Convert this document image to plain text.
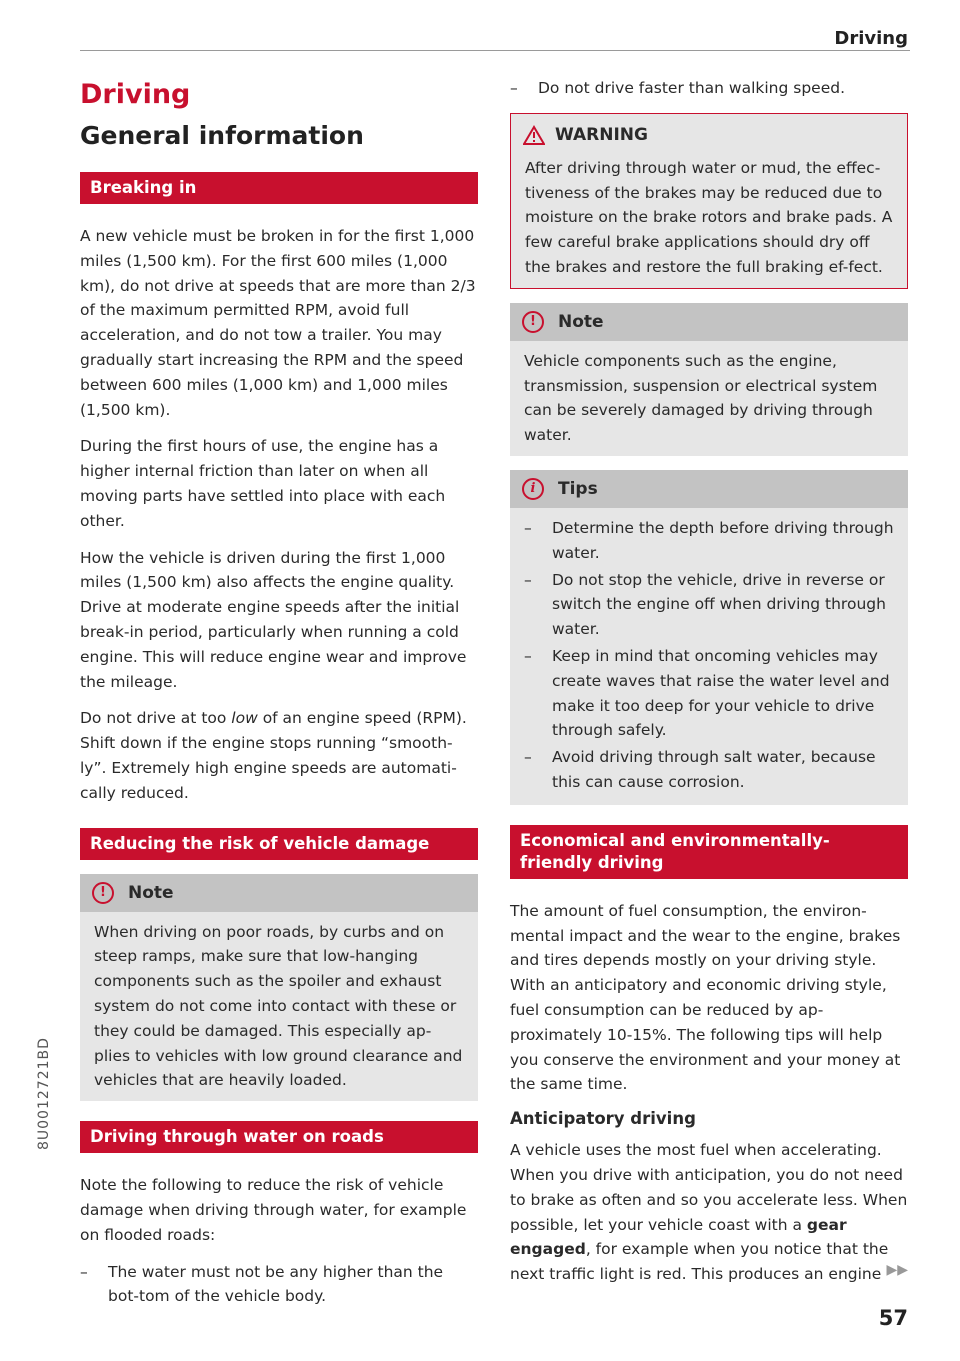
Driving
Driving
General information
Breaking in

A new vehicle must be broken in for the first 1,000 miles (1,500 km). For the first 600 miles (1,000 km), do not drive at speeds that are more than 2/3 of the maximum permitted RPM, avoid full acceleration, and do not tow a trailer. You may gradually start increasing the RPM and the speed between 600 miles (1,000 km) and 1,000 miles (1,500 km).

During the first hours of use, the engine has a higher internal friction than later on when all moving parts have settled into place with each other.

How the vehicle is driven during the first 1,000 miles (1,500 km) also affects the engine quality. Drive at moderate engine speeds after the initial break-in period, particularly when running a cold engine. This will reduce engine wear and improve the mileage.

Do not drive at too low of an engine speed (RPM). Shift down if the engine stops running “smooth-ly”. Extremely high engine speeds are automati-cally reduced.

Reducing the risk of vehicle damage
!	Note

When driving on poor roads, by curbs and on steep ramps, make sure that low-hanging components such as the spoiler and exhaust system do not come into contact with these or they could be damaged. This especially ap-plies to vehicles with low ground clearance and vehicles that are heavily loaded.

Driving through water on roads

Note the following to reduce the risk of vehicle damage when driving through water, for example on flooded roads:

– The water must not be any higher than the bot-tom of the vehicle body.
– Do not drive faster than walking speed.
WARNING

After driving through water or mud, the effec-tiveness of the brakes may be reduced due to moisture on the brake rotors and brake pads. A few careful brake applications should dry off the brakes and restore the full braking ef-fect.

!	Note

Vehicle components such as the engine, transmission, suspension or electrical system can be severely damaged by driving through water.

i	Tips
– Determine the depth before driving through water.
– Do not stop the vehicle, drive in reverse or switch the engine off when driving through water.
– Keep in mind that oncoming vehicles may create waves that raise the water level and make it too deep for your vehicle to drive through safely.
– Avoid driving through salt water, because this can cause corrosion.
Economical and environmentally-friendly driving

The amount of fuel consumption, the environ-mental impact and the wear to the engine, brakes and tires depends mostly on your driving style. With an anticipatory and economic driving style, fuel consumption can be reduced by ap-proximately 10-15%. The following tips will help you conserve the environment and your money at the same time.

Anticipatory driving

A vehicle uses the most fuel when accelerating. When you drive with anticipation, you do not need to brake as often and so you accelerate less. When possible, let your vehicle coast with a gear engaged, for example when you notice that the next traffic light is red. This produces an engine

8U0012721BD
▶▶
57
